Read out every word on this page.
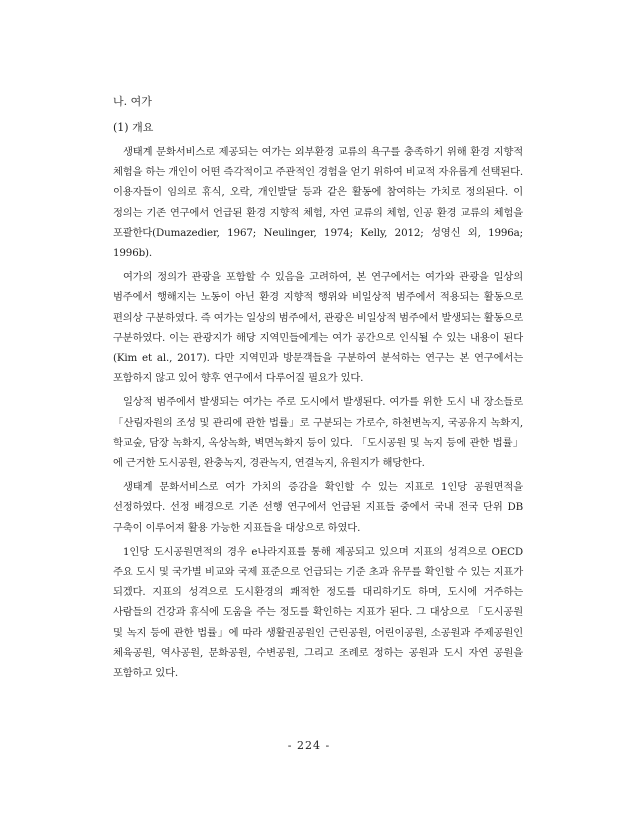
나. 여가
(1) 개요

생태계 문화서비스로 제공되는 여가는 외부환경 교류의 욕구를 충족하기 위해 환경 지향적 체험을 하는 개인이 어떤 즉각적이고 주관적인 경험을 얻기 위하여 비교적 자유롭게 선택된다. 이용자들이 임의로 휴식, 오락, 개인발달 등과 같은 활동에 참여하는 가치로 정의된다. 이 정의는 기존 연구에서 언급된 환경 지향적 체험, 자연 교류의 체험, 인공 환경 교류의 체험을 포괄한다(Dumazedier, 1967; Neulinger, 1974; Kelly, 2012; 성영신 외, 1996a; 1996b).

여가의 정의가 관광을 포함할 수 있음을 고려하여, 본 연구에서는 여가와 관광을 일상의 범주에서 행해지는 노동이 아닌 환경 지향적 행위와 비일상적 범주에서 적용되는 활동으로 편의상 구분하였다. 즉 여가는 일상의 범주에서, 관광은 비일상적 범주에서 발생되는 활동으로 구분하였다. 이는 관광지가 해당 지역민들에게는 여가 공간으로 인식될 수 있는 내용이 된다(Kim et al., 2017). 다만 지역민과 방문객들을 구분하여 분석하는 연구는 본 연구에서는 포함하지 않고 있어 향후 연구에서 다루어질 필요가 있다.

일상적 범주에서 발생되는 여가는 주로 도시에서 발생된다. 여가를 위한 도시 내 장소들로 「산림자원의 조성 및 관리에 관한 법률」로 구분되는 가로수, 하천변녹지, 국공유지 녹화지, 학교숲, 담장 녹화지, 옥상녹화, 벽면녹화지 등이 있다. 「도시공원 및 녹지 등에 관한 법률」에 근거한 도시공원, 완충녹지, 경관녹지, 연결녹지, 유원지가 해당한다.

생태계 문화서비스로 여가 가치의 증감을 확인할 수 있는 지표로 1인당 공원면적을 선정하였다. 선정 배경으로 기존 선행 연구에서 언급된 지표들 중에서 국내 전국 단위 DB 구축이 이루어져 활용 가능한 지표들을 대상으로 하였다.

1인당 도시공원면적의 경우 e나라지표를 통해 제공되고 있으며 지표의 성격으로 OECD 주요 도시 및 국가별 비교와 국제 표준으로 언급되는 기준 초과 유무를 확인할 수 있는 지표가 되겠다. 지표의 성격으로 도시환경의 쾌적한 정도를 대리하기도 하며, 도시에 거주하는 사람들의 건강과 휴식에 도움을 주는 정도를 확인하는 지표가 된다. 그 대상으로 「도시공원 및 녹지 등에 관한 법률」에 따라 생활권공원인 근린공원, 어린이공원, 소공원과 주제공원인 체육공원, 역사공원, 문화공원, 수변공원, 그리고 조례로 정하는 공원과 도시 자연 공원을 포함하고 있다.

- 224 -
